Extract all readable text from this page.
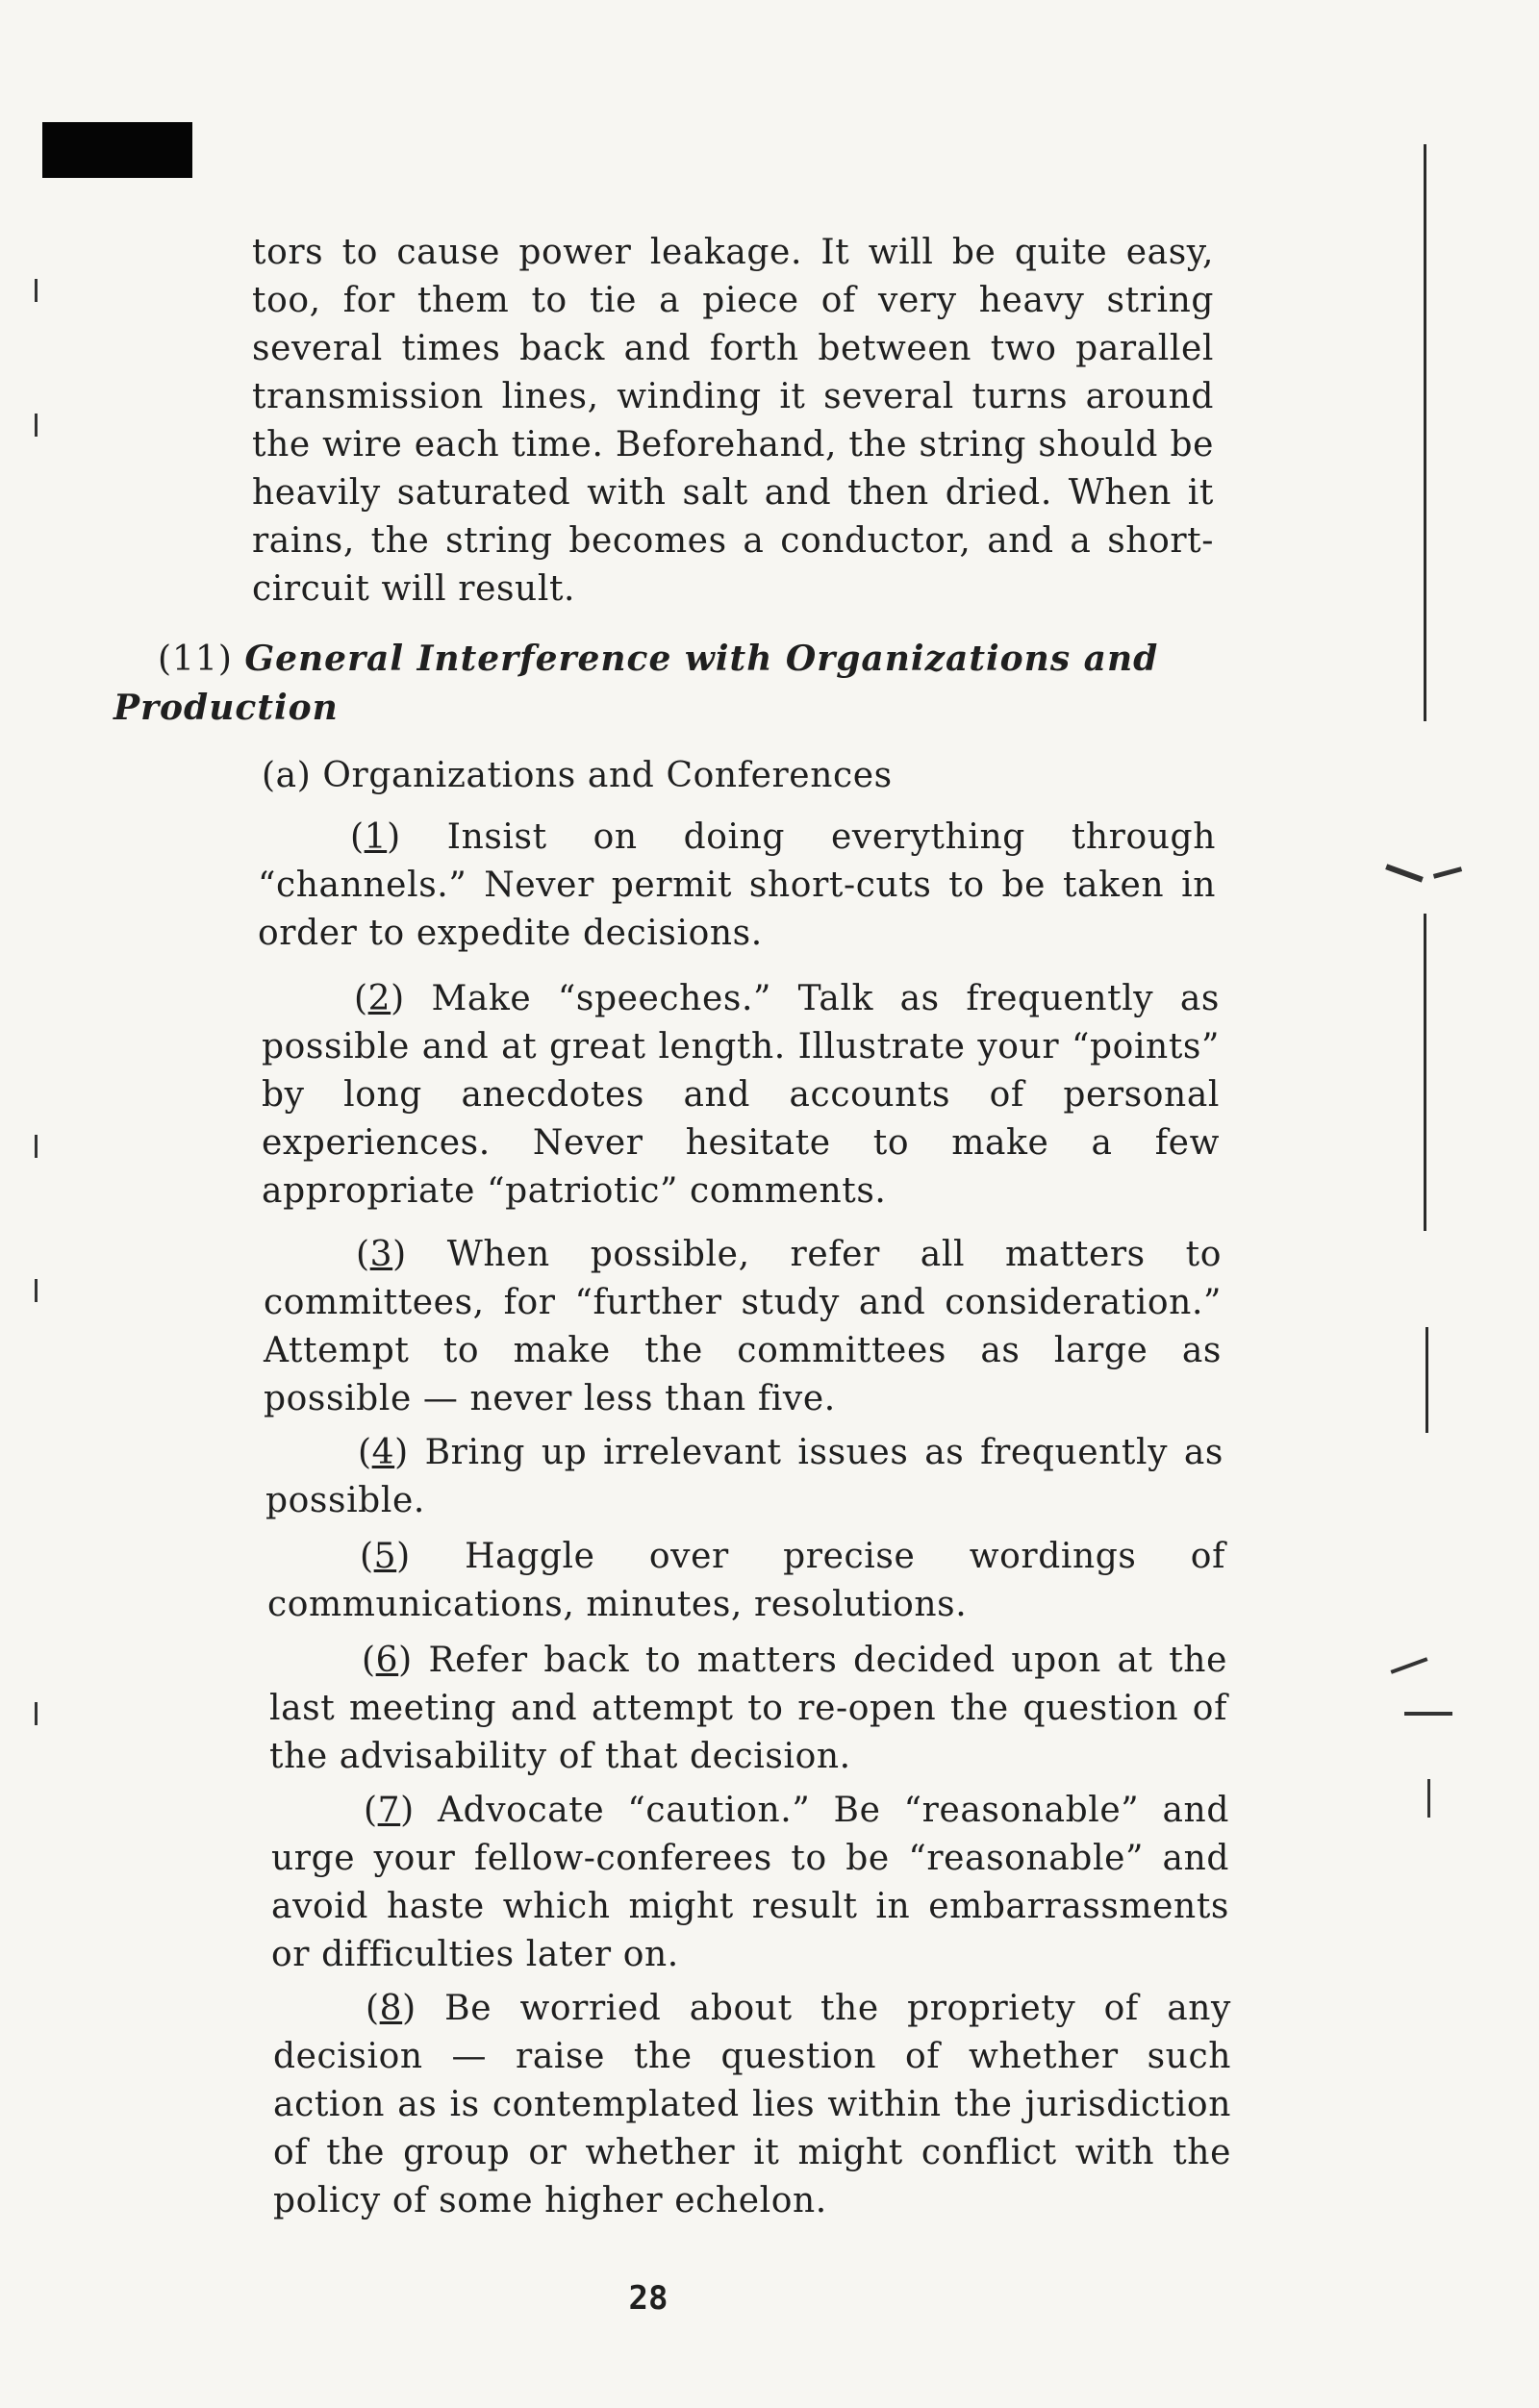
tors to cause power leakage. It will be quite easy, too, for them to tie a piece of very heavy string several times back and forth between two parallel transmission lines, winding it several turns around the wire each time. Beforehand, the string should be heavily saturated with salt and then dried. When it rains, the string becomes a conductor, and a short-circuit will result.
(11) General Interference with Organizations and Production
(a) Organizations and Conferences
(1) Insist on doing everything through “channels.” Never permit short-cuts to be taken in order to expedite decisions.
(2) Make “speeches.” Talk as frequently as possible and at great length. Illustrate your “points” by long anecdotes and accounts of personal experiences. Never hesitate to make a few appropriate “patriotic” comments.
(3) When possible, refer all matters to committees, for “further study and consideration.” Attempt to make the committees as large as possible — never less than five.
(4) Bring up irrelevant issues as frequently as possible.
(5) Haggle over precise wordings of communications, minutes, resolutions.
(6) Refer back to matters decided upon at the last meeting and attempt to re-open the question of the advisability of that decision.
(7) Advocate “caution.” Be “reasonable” and urge your fellow-conferees to be “reasonable” and avoid haste which might result in embarrassments or difficulties later on.
(8) Be worried about the propriety of any decision — raise the question of whether such action as is contemplated lies within the jurisdiction of the group or whether it might conflict with the policy of some higher echelon.
28
